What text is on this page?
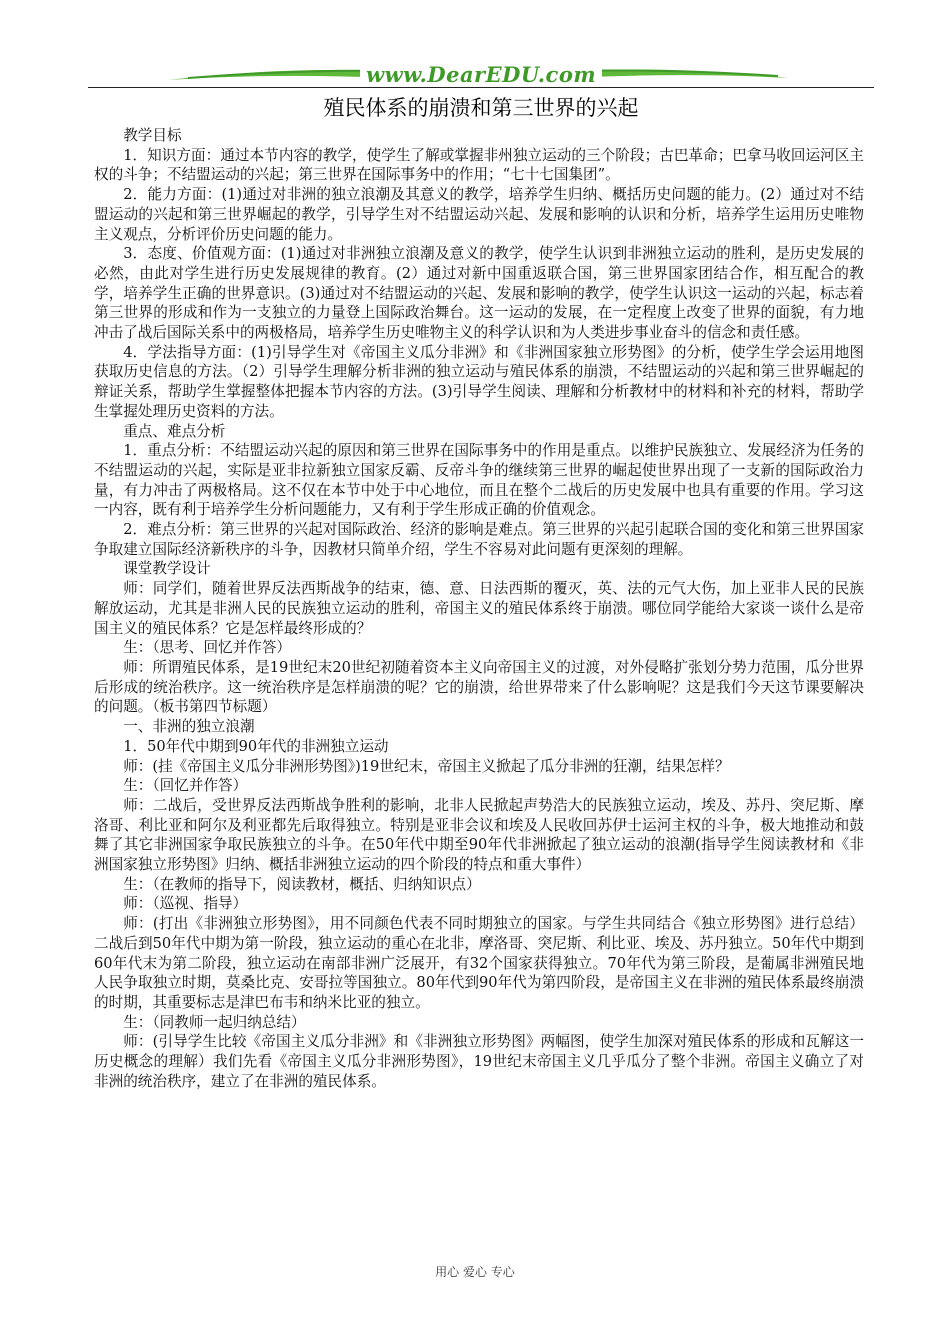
www.DearEDU.com
殖民体系的崩溃和第三世界的兴起

教学目标

1．知识方面：通过本节内容的教学，使学生了解或掌握非州独立运动的三个阶段；古巴革命；巴拿马收回运河区主权的斗争；不结盟运动的兴起；第三世界在国际事务中的作用；“七十七国集团”。

2．能力方面：(1)通过对非洲的独立浪潮及其意义的教学，培养学生归纳、概括历史问题的能力。(2）通过对不结盟运动的兴起和第三世界崛起的教学，引导学生对不结盟运动兴起、发展和影响的认识和分析，培养学生运用历史唯物主义观点，分析评价历史问题的能力。

3．态度、价值观方面：(1)通过对非洲独立浪潮及意义的教学，使学生认识到非洲独立运动的胜利，是历史发展的必然，由此对学生进行历史发展规律的教育。(2）通过对新中国重返联合国，第三世界国家团结合作，相互配合的教学，培养学生正确的世界意识。(3)通过对不结盟运动的兴起、发展和影响的教学，使学生认识这一运动的兴起，标志着第三世界的形成和作为一支独立的力量登上国际政治舞台。这一运动的发展，在一定程度上改变了世界的面貌，有力地冲击了战后国际关系中的两极格局，培养学生历史唯物主义的科学认识和为人类进步事业奋斗的信念和责任感。

4．学法指导方面：(1)引导学生对《帝国主义瓜分非洲》和《非洲国家独立形势图》的分析，使学生学会运用地图获取历史信息的方法。（2）引导学生理解分析非洲的独立运动与殖民体系的崩溃，不结盟运动的兴起和第三世界崛起的辩证关系，帮助学生掌握整体把握本节内容的方法。(3)引导学生阅读、理解和分析教材中的材料和补充的材料，帮助学生掌握处理历史资料的方法。

重点、难点分析

1．重点分析：不结盟运动兴起的原因和第三世界在国际事务中的作用是重点。以维护民族独立、发展经济为任务的不结盟运动的兴起，实际是亚非拉新独立国家反霸、反帝斗争的继续第三世界的崛起使世界出现了一支新的国际政治力量，有力冲击了两极格局。这不仅在本节中处于中心地位，而且在整个二战后的历史发展中也具有重要的作用。学习这一内容，既有利于培养学生分析问题能力，又有利于学生形成正确的价值观念。

2．难点分析：第三世界的兴起对国际政治、经济的影响是难点。第三世界的兴起引起联合国的变化和第三世界国家争取建立国际经济新秩序的斗争，因教材只简单介绍，学生不容易对此问题有更深刻的理解。

课堂教学设计

师：同学们，随着世界反法西斯战争的结束，德、意、日法西斯的覆灭，英、法的元气大伤，加上亚非人民的民族解放运动，尤其是非洲人民的民族独立运动的胜利，帝国主义的殖民体系终于崩溃。哪位同学能给大家谈一谈什么是帝国主义的殖民体系？它是怎样最终形成的？

生：（思考、回忆并作答）

师：所谓殖民体系，是19世纪末20世纪初随着资本主义向帝国主义的过渡，对外侵略扩张划分势力范围，瓜分世界后形成的统治秩序。这一统治秩序是怎样崩溃的呢？它的崩溃，给世界带来了什么影响呢？这是我们今天这节课要解决的问题。（板书第四节标题）

一、非洲的独立浪潮

1．50年代中期到90年代的非洲独立运动

师：(挂《帝国主义瓜分非洲形势图》)19世纪末，帝国主义掀起了瓜分非洲的狂潮，结果怎样？

生：（回忆并作答）

师：二战后，受世界反法西斯战争胜利的影响，北非人民掀起声势浩大的民族独立运动，埃及、苏丹、突尼斯、摩洛哥、利比亚和阿尔及利亚都先后取得独立。特别是亚非会议和埃及人民收回苏伊士运河主权的斗争，极大地推动和鼓舞了其它非洲国家争取民族独立的斗争。在50年代中期至90年代非洲掀起了独立运动的浪潮(指导学生阅读教材和《非洲国家独立形势图》归纳、概括非洲独立运动的四个阶段的特点和重大事件）

生：（在教师的指导下，阅读教材，概括、归纳知识点）

师：（巡视、指导）

师：(打出《非洲独立形势图》，用不同颜色代表不同时期独立的国家。与学生共同结合《独立形势图》进行总结）二战后到50年代中期为第一阶段，独立运动的重心在北非，摩洛哥、突尼斯、利比亚、埃及、苏丹独立。50年代中期到60年代末为第二阶段，独立运动在南部非洲广泛展开，有32个国家获得独立。70年代为第三阶段，是葡属非洲殖民地人民争取独立时期，莫桑比克、安哥拉等国独立。80年代到90年代为第四阶段，是帝国主义在非洲的殖民体系最终崩溃的时期，其重要标志是津巴布韦和纳米比亚的独立。

生：（同教师一起归纳总结）

师：(引导学生比较《帝国主义瓜分非洲》和《非洲独立形势图》两幅图，使学生加深对殖民体系的形成和瓦解这一历史概念的理解）我们先看《帝国主义瓜分非洲形势图》，19世纪末帝国主义几乎瓜分了整个非洲。帝国主义确立了对非洲的统治秩序，建立了在非洲的殖民体系。

用心 爱心 专心
